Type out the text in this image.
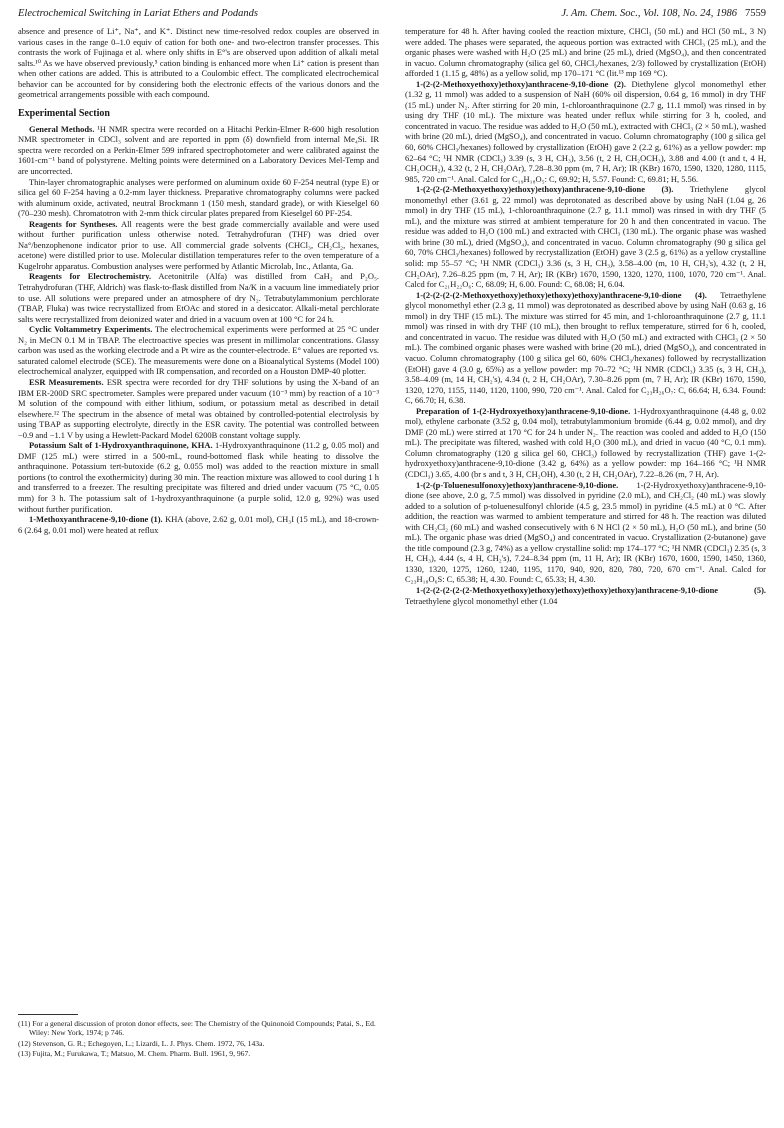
Electrochemical Switching in Lariat Ethers and Podands	J. Am. Chem. Soc., Vol. 108, No. 24, 1986 7559

absence and presence of Li⁺, Na⁺, and K⁺. Distinct new time-resolved redox couples are observed in various cases in the range 0–1.0 equiv of cation for both one- and two-electron transfer processes. This contrasts the work of Fujinaga et al. where only shifts in E°'s are observed upon addition of alkali metal salts.¹⁰ As we have observed previously,⁵ cation binding is enhanced more when Li⁺ cation is present than when other cations are added. This is attributed to a Coulombic effect. The complicated electrochemical behavior can be accounted for by considering both the electronic effects of the various donors and the geometrical arrangements possible with each compound.

Experimental Section

General Methods. ¹H NMR spectra were recorded on a Hitachi Perkin-Elmer R-600 high resolution NMR spectrometer in CDCl₃ solvent and are reported in ppm (δ) downfield from internal Me₄Si. IR spectra were recorded on a Perkin-Elmer 599 infrared spectrophotometer and were calibrated against the 1601-cm⁻¹ band of polystyrene. Melting points were determined on a Laboratory Devices Mel-Temp and are uncorrected.

Thin-layer chromatographic analyses were performed on aluminum oxide 60 F-254 neutral (type E) or silica gel 60 F-254 having a 0.2-mm layer thickness. Preparative chromatography columns were packed with aluminum oxide, activated, neutral Brockmann 1 (150 mesh, standard grade), or with Kieselgel 60 (70–230 mesh). Chromatotron with 2-mm thick circular plates prepared from Kieselgel 60 PF-254.

Reagents for Syntheses. All reagents were the best grade commercially available and were used without further purification unless otherwise noted. Tetrahydrofuran (THF) was dried over Na°/benzophenone indicator prior to use. All commercial grade solvents (CHCl₃, CH₂Cl₂, hexanes, acetone) were distilled prior to use. Molecular distillation temperatures refer to the oven temperature of a Kugelrohr apparatus. Combustion analyses were performed by Atlantic Microlab, Inc., Atlanta, Ga.

Reagents for Electrochemistry. Acetonitrile (Alfa) was distilled from CaH₂ and P₂O₅. Tetrahydrofuran (THF, Aldrich) was flask-to-flask distilled from Na/K in a vacuum line immediately prior to use. All solutions were prepared under an atmosphere of dry N₂. Tetrabutylammonium perchlorate (TBAP, Fluka) was twice recrystallized from EtOAc and stored in a desiccator. Alkali-metal perchlorate salts were recrystallized from deionized water and dried in a vacuum oven at 100 °C for 24 h.

Cyclic Voltammetry Experiments. The electrochemical experiments were performed at 25 °C under N₂ in MeCN 0.1 M in TBAP. The electroactive species was present in millimolar concentrations. Glassy carbon was used as the working electrode and a Pt wire as the counter-electrode. E° values are reported vs. saturated calomel electrode (SCE). The measurements were done on a Bioanalytical Systems (Model 100) electrochemical analyzer, equipped with IR compensation, and recorded on a Houston DMP-40 plotter.

ESR Measurements. ESR spectra were recorded for dry THF solutions by using the X-band of an IBM ER-200D SRC spectrometer. Samples were prepared under vacuum (10⁻³ mm) by reaction of a 10⁻³ M solution of the compound with either lithium, sodium, or potassium metal as described in detail elsewhere.¹² The spectrum in the absence of metal was obtained by controlled-potential electrolysis by using TBAP as supporting electrolyte, directly in the ESR cavity. The potential was controlled between −0.9 and −1.1 V by using a Hewlett-Packard Model 6200B constant voltage supply.

Potassium Salt of 1-Hydroxyanthraquinone, KHA. 1-Hydroxyanthraquinone (11.2 g, 0.05 mol) and DMF (125 mL) were stirred in a 500-mL, round-bottomed flask while heating to dissolve the anthraquinone. Potassium tert-butoxide (6.2 g, 0.055 mol) was added to the reaction mixture in small portions (to control the exothermicity) during 30 min. The reaction mixture was allowed to cool during 1 h and transferred to a freezer. The resulting precipitate was filtered and dried under vacuum (75 °C, 0.05 mm) for 3 h. The potassium salt of 1-hydroxyanthraquinone (a purple solid, 12.0 g, 92%) was used without further purification.

1-Methoxyanthracene-9,10-dione (1). KHA (above, 2.62 g, 0.01 mol), CH₃I (15 mL), and 18-crown-6 (2.64 g, 0.01 mol) were heated at reflux

(11) For a general discussion of proton donor effects, see: The Chemistry of the Quinonoid Compounds; Patai, S., Ed. Wiley: New York, 1974; p 746.

(12) Stevenson, G. R.; Echegoyen, L.; Lizardi, L. J. Phys. Chem. 1972, 76, 143a.

(13) Fujita, M.; Furukawa, T.; Matsuo, M. Chem. Pharm. Bull. 1961, 9, 967.

temperature for 48 h. After having cooled the reaction mixture, CHCl₃ (50 mL) and HCl (50 mL, 3 N) were added. The phases were separated, the aqueous portion was extracted with CHCl₃ (25 mL), and the organic phases were washed with H₂O (25 mL) and brine (25 mL), dried (MgSO₄), and then concentrated in vacuo. Column chromatography (silica gel 60, CHCl₃/hexanes, 2/3) followed by crystallization (EtOH) afforded 1 (1.15 g, 48%) as a yellow solid, mp 170–171 °C (lit.¹³ mp 169 °C).

1-(2-(2-Methoxyethoxy)ethoxy)anthracene-9,10-dione (2). Diethylene glycol monomethyl ether (1.32 g, 11 mmol) was added to a suspension of NaH (60% oil dispersion, 0.64 g, 16 mmol) in dry THF (15 mL) under N₂. After stirring for 20 min, 1-chloroanthraquinone (2.7 g, 11.1 mmol) was rinsed in by using dry THF (10 mL). The mixture was heated under reflux while stirring for 3 h, cooled, and concentrated in vacuo. The residue was added to H₂O (50 mL), extracted with CHCl₃ (2 × 50 mL), washed with brine (20 mL), dried (MgSO₄), and concentrated in vacuo. Column chromatography (100 g silica gel 60, 60% CHCl₃/hexanes) followed by crystallization (EtOH) gave 2 (2.2 g, 61%) as a yellow powder: mp 62–64 °C; ¹H NMR (CDCl₃) 3.39 (s, 3 H, CH₃), 3.56 (t, 2 H, CH₂OCH₃), 3.88 and 4.00 (t and t, 4 H, CH₂OCH₂), 4.32 (t, 2 H, CH₂OAr), 7.28–8.30 ppm (m, 7 H, Ar); IR (KBr) 1670, 1590, 1320, 1280, 1115, 985, 720 cm⁻¹. Anal. Calcd for C₁₉H₁₈O₅: C, 69.92; H, 5.57. Found: C, 69.81; H, 5.56.

1-(2-(2-(2-Methoxyethoxy)ethoxy)ethoxy)anthracene-9,10-dione (3). Triethylene glycol monomethyl ether (3.61 g, 22 mmol) was deprotonated as described above by using NaH (1.04 g, 26 mmol) in dry THF (15 mL), 1-chloroanthraquinone (2.7 g, 11.1 mmol) was rinsed in with dry THF (5 mL), and the mixture was stirred at ambient temperature for 20 h and then concentrated in vacuo. The residue was added to H₂O (100 mL) and extracted with CHCl₃ (130 mL). The organic phase was washed with brine (30 mL), dried (MgSO₄), and concentrated in vacuo. Column chromatography (90 g silica gel 60, 70% CHCl₃/hexanes) followed by recrystallization (EtOH) gave 3 (2.5 g, 61%) as a yellow crystalline solid: mp 55–57 °C; ¹H NMR (CDCl₃) 3.36 (s, 3 H, CH₃), 3.58–4.00 (m, 10 H, CH₂'s), 4.32 (t, 2 H, CH₂OAr), 7.26–8.25 ppm (m, 7 H, Ar); IR (KBr) 1670, 1590, 1320, 1270, 1100, 1070, 720 cm⁻¹. Anal. Calcd for C₂₁H₂₂O₆: C, 68.09; H, 6.00. Found: C, 68.08; H, 6.04.

1-(2-(2-(2-(2-Methoxyethoxy)ethoxy)ethoxy)ethoxy)anthracene-9,10-dione (4). Tetraethylene glycol monomethyl ether (2.3 g, 11 mmol) was deprotonated as described above by using NaH (0.63 g, 16 mmol) in dry THF (15 mL). The mixture was stirred for 45 min, and 1-chloroanthraquinone (2.7 g, 11.1 mmol) was rinsed in with dry THF (10 mL), then brought to reflux temperature, stirred for 6 h, cooled, and concentrated in vacuo. The residue was diluted with H₂O (50 mL) and extracted with CHCl₃ (2 × 50 mL). The combined organic phases were washed with brine (20 mL), dried (MgSO₄), and concentrated in vacuo. Column chromatography (100 g silica gel 60, 60% CHCl₃/hexanes) followed by recrystallization (EtOH) gave 4 (3.0 g, 65%) as a yellow powder: mp 70–72 °C; ¹H NMR (CDCl₃) 3.35 (s, 3 H, CH₃), 3.58–4.09 (m, 14 H, CH₂'s), 4.34 (t, 2 H, CH₂OAr), 7.30–8.26 ppm (m, 7 H, Ar); IR (KBr) 1670, 1590, 1320, 1270, 1155, 1140, 1120, 1100, 990, 720 cm⁻¹. Anal. Calcd for C₂₃H₂₆O₇: C, 66.64; H, 6.34. Found: C, 66.70; H, 6.38.

Preparation of 1-(2-Hydroxyethoxy)anthracene-9,10-dione. 1-Hydroxyanthraquinone (4.48 g, 0.02 mol), ethylene carbonate (3.52 g, 0.04 mol), tetrabutylammonium bromide (6.44 g, 0.02 mmol), and dry DMF (20 mL) were stirred at 170 °C for 24 h under N₂. The reaction was cooled and added to H₂O (150 mL). The precipitate was filtered, washed with cold H₂O (300 mL), and dried in vacuo (40 °C, 0.1 mm). Column chromatography (120 g silica gel 60, CHCl₃) followed by recrystallization (THF) gave 1-(2-hydroxyethoxy)anthracene-9,10-dione (3.42 g, 64%) as a yellow powder: mp 164–166 °C; ¹H NMR (CDCl₃) 3.65, 4.00 (br s and t, 3 H, CH₂OH), 4.30 (t, 2 H, CH₂OAr), 7.22–8.26 (m, 7 H, Ar).

1-(2-(p-Toluenesulfonoxy)ethoxy)anthracene-9,10-dione. 1-(2-Hydroxyethoxy)anthracene-9,10-dione (see above, 2.0 g, 7.5 mmol) was dissolved in pyridine (2.0 mL), and CH₂Cl₂ (40 mL) was slowly added to a solution of p-toluenesulfonyl chloride (4.5 g, 23.5 mmol) in pyridine (4.5 mL) at 0 °C. After addition, the reaction was warmed to ambient temperature and stirred for 48 h. The reaction was diluted with CH₂Cl₂ (60 mL) and washed consecutively with 6 N HCl (2 × 50 mL), H₂O (50 mL), and brine (50 mL). The organic phase was dried (MgSO₄) and concentrated in vacuo. Crystallization (2-butanone) gave the title compound (2.3 g, 74%) as a yellow crystalline solid: mp 174–177 °C; ¹H NMR (CDCl₃) 2.35 (s, 3 H, CH₃), 4.44 (s, 4 H, CH₂'s), 7.24–8.34 ppm (m, 11 H, Ar); IR (KBr) 1670, 1600, 1590, 1450, 1360, 1330, 1320, 1275, 1260, 1240, 1195, 1170, 940, 920, 820, 780, 720, 670 cm⁻¹. Anal. Calcd for C₂₃H₁₈O₆S: C, 65.38; H, 4.30. Found: C, 65.33; H, 4.30.

1-(2-(2-(2-(2-(2-Methoxyethoxy)ethoxy)ethoxy)ethoxy)ethoxy)anthracene-9,10-dione (5). Tetraethylene glycol monomethyl ether (1.04
